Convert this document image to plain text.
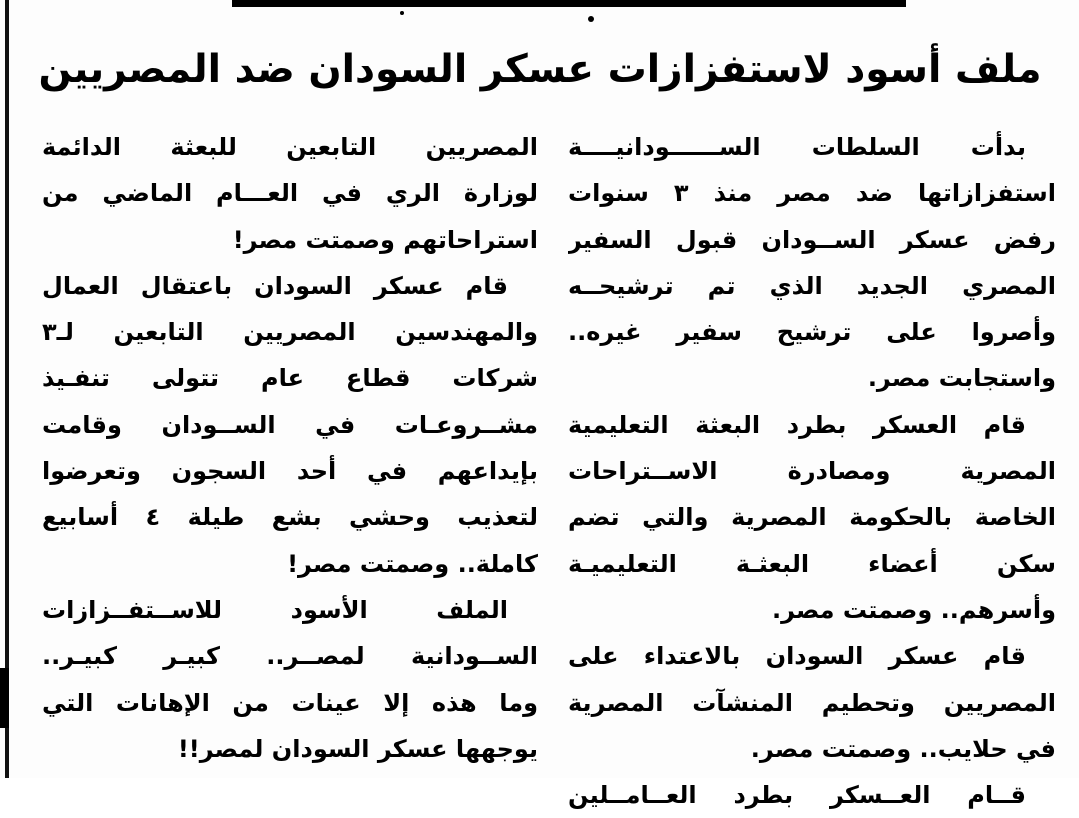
ملف أسود لاستفزازات عسكر السودان ضد المصريين
بدأت السلطات الســــــودانيــــة
استفزازاتها ضد مصر منذ ٣ سنوات
رفض عسكر الســودان قبول السفير
المصري الجديد الذي تم ترشيحــه
وأصروا على ترشيح سفير غيره..
واستجابت مصر.
قام العسكر بطرد البعثة التعليمية
المصرية ومصادرة الاســتراحات
الخاصة بالحكومة المصرية والتي تضم
سكن أعضاء البعثـة التعليميـة
وأسرهم.. وصمتت مصر.
قام عسكر السودان بالاعتداء على
المصريين وتحطيم المنشآت المصرية
في حلايب.. وصمتت مصر.
قــام العــسكر بطرد العــامــلين
المصريين التابعين للبعثة الدائمة
لوزارة الري في العـــام الماضي من
استراحاتهم وصمتت مصر!
قام عسكر السودان باعتقال العمال
والمهندسين المصريين التابعين لـ٣
شركات قطاع عام تتولى تنفـيذ
مشــروعـات في الســودان وقامت
بإيداعهم في أحد السجون وتعرضوا
لتعذيب وحشي بشع طيلة ٤ أسابيع
كاملة.. وصمتت مصر!
الملف الأسود للاســتفــزازات
الســودانية لمصــر.. كبيـر كبيـر..
وما هذه إلا عينات من الإهانات التي
يوجهها عسكر السودان لمصر!!
